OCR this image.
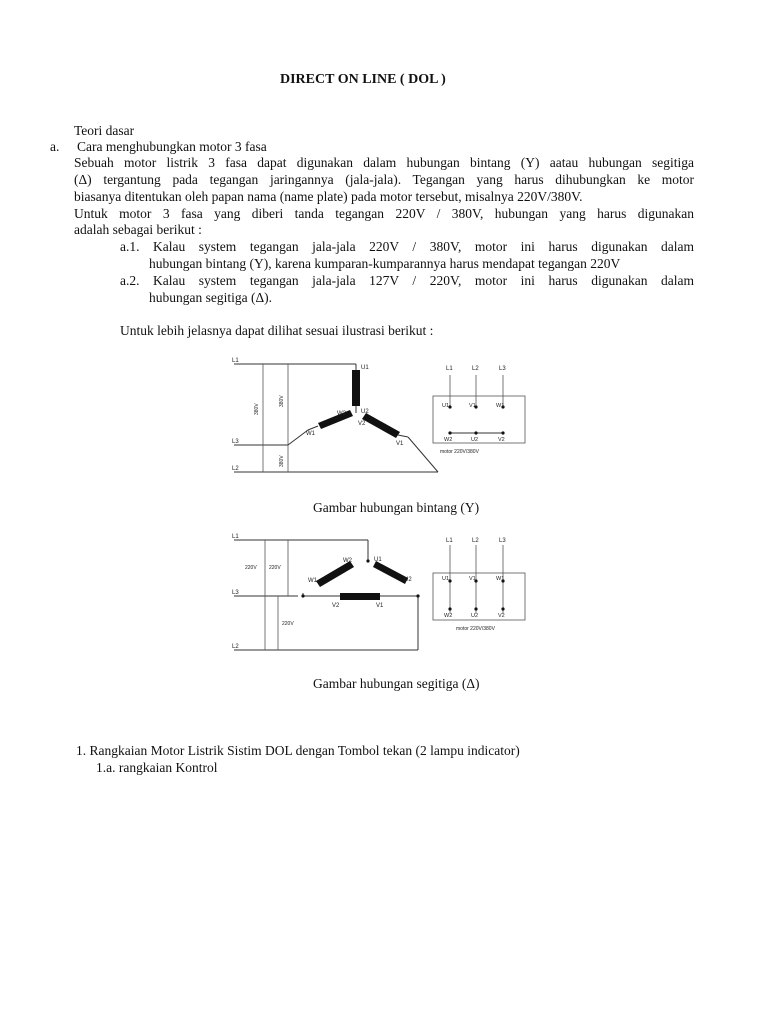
DIRECT ON LINE ( DOL )
Teori dasar
a. Cara menghubungkan motor 3 fasa
Sebuah motor listrik 3 fasa dapat digunakan dalam hubungan bintang (Y) aatau hubungan segitiga
(Δ) tergantung pada tegangan jaringannya (jala-jala). Tegangan yang harus dihubungkan ke motor
biasanya ditentukan oleh papan nama (name plate) pada motor tersebut, misalnya 220V/380V.
Untuk motor 3 fasa yang diberi tanda tegangan 220V / 380V, hubungan yang harus digunakan
adalah sebagai berikut :
a.1. Kalau system tegangan jala-jala 220V / 380V, motor ini harus digunakan dalam
hubungan bintang (Y), karena kumparan-kumparannya harus mendapat tegangan 220V
a.2. Kalau system tegangan jala-jala 127V / 220V, motor ini harus digunakan dalam
hubungan segitiga (Δ).
Untuk lebih jelasnya dapat dilihat sesuai ilustrasi berikut :
L1
L3
L2
380V
380V
380V
U1
U2
V2
W2
W1
V1
L1	L2	L3
U1	V1	W1
W2	U2	V2
motor 220V/380V
Gambar hubungan bintang (Y)
L1
L3
L2
220V 220V
220V
W2	U1
W1	U2
V2	V1
L1	L2	L3
U1	V1	W1
W2	U2	V2
motor 220V/380V
Gambar hubungan segitiga (Δ)
1. Rangkaian Motor Listrik Sistim DOL dengan Tombol tekan (2 lampu indicator)
1.a. rangkaian Kontrol
